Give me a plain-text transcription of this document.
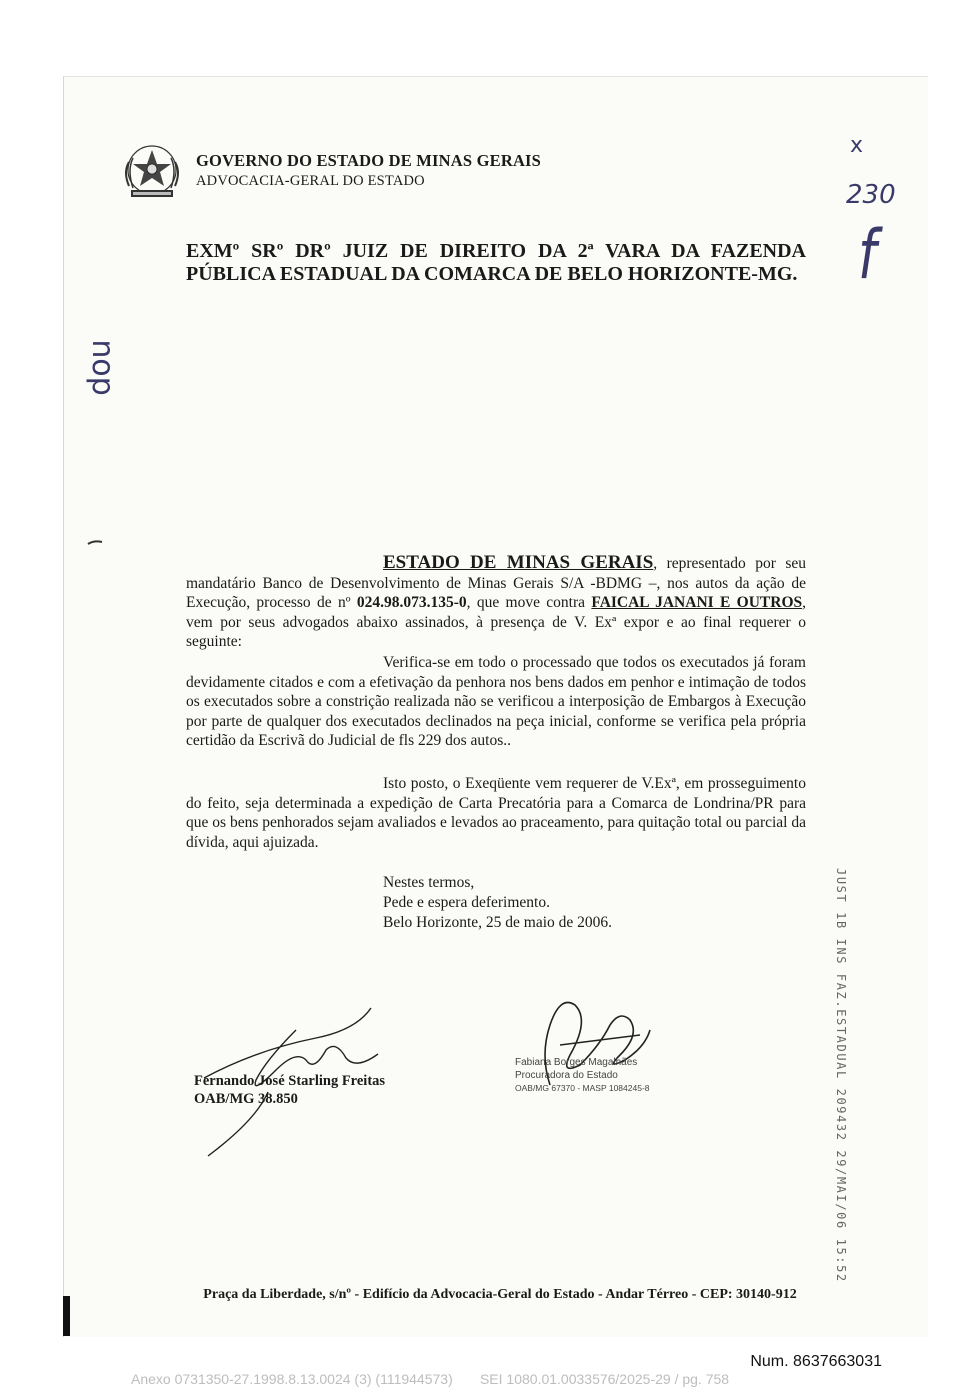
GOVERNO DO ESTADO DE MINAS GERAIS
ADVOCACIA-GERAL DO ESTADO
x
230
f
dou
EXMº SRº DRº JUIZ DE DIREITO DA 2ª VARA DA FAZENDA PÚBLICA ESTADUAL DA COMARCA DE BELO HORIZONTE-MG.
ESTADO DE MINAS GERAIS, representado por seu mandatário Banco de Desenvolvimento de Minas Gerais S/A -BDMG –, nos autos da ação de Execução, processo de nº 024.98.073.135-0, que move contra FAICAL JANANI E OUTROS, vem por seus advogados abaixo assinados, à presença de V. Exª expor e ao final requerer o seguinte:
Verifica-se em todo o processado que todos os executados já foram devidamente citados e com a efetivação da penhora nos bens dados em penhor e intimação de todos os executados sobre a constrição realizada não se verificou a interposição de Embargos à Execução por parte de qualquer dos executados declinados na peça inicial, conforme se verifica pela própria certidão da Escrivã do Judicial de fls 229 dos autos..
Isto posto, o Exeqüente vem requerer de V.Exª, em prosseguimento do feito, seja determinada a expedição de Carta Precatória para a Comarca de Londrina/PR para que os bens penhorados sejam avaliados e levados ao praceamento, para quitação total ou parcial da dívida, aqui ajuizada.
Nestes termos,
Pede e espera deferimento.
Belo Horizonte, 25 de maio de 2006.
Fernando José Starling Freitas
OAB/MG 38.850
Fabiana Borges Magalhães
Procuradora do Estado
OAB/MG 67370 - MASP 1084245-8	JUST 1B INS FAZ.ESTADUAL 209432 29/MAI/06 15:52
Praça da Liberdade, s/nº - Edifício da Advocacia-Geral do Estado - Andar Térreo - CEP: 30140-912
Num. 8637663031
Anexo 0731350-27.1998.8.13.0024 (3) (111944573)       SEI 1080.01.0033576/2025-29 / pg. 758
